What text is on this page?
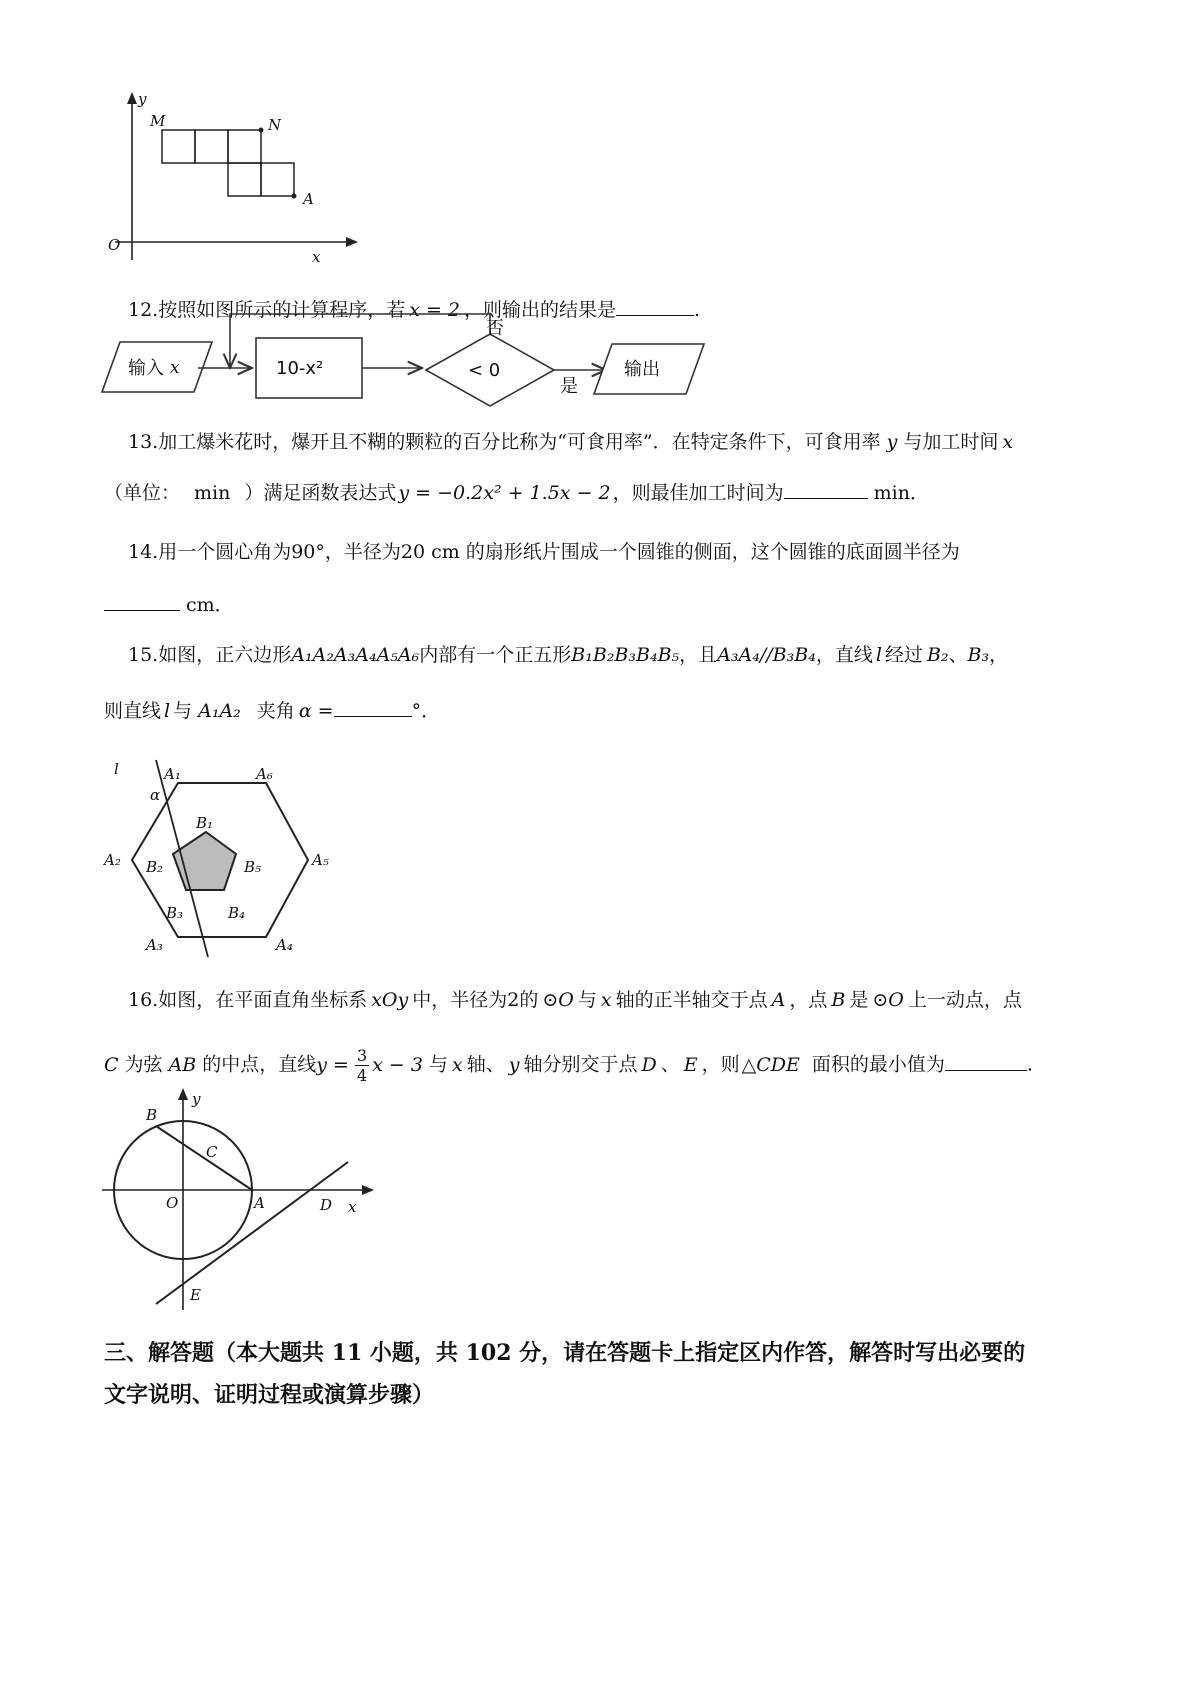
y
x
O
M	N
A
12.按照如图所示的计算程序，若 x = 2 ，则输出的结果是	.
输入 x	10-x²	< 0
否
是
输出
13.加工爆米花时，爆开且不糊的颗粒的百分比称为“可食用率”．在特定条件下，可食用率 y 与加工时间 x
（单位： min ）满足函数表达式 y = −0.2x² + 1.5x − 2 ，则最佳加工时间为	min．
14.用一个圆心角为90°，半径为20 cm 的扇形纸片围成一个圆锥的侧面，这个圆锥的底面圆半径为
cm．
15.如图，正六边形A₁A₂A₃A₄A₅A₆内部有一个正五形B₁B₂B₃B₄B₅，且A₃A₄//B₃B₄，直线 l 经过 B₂、B₃，
则直线 l 与 A₁A₂ 夹角 α =	°．
l
α
A₁	A₆
A₂	A₅
A₃	A₄
B₁
B₂	B₅
B₃	B₄
16.如图，在平面直角坐标系 xOy 中，半径为2的 ⊙O 与 x 轴的正半轴交于点 A ，点 B 是 ⊙O 上一动点，点
C 为弦 AB 的中点，直线$y = \frac{3}{4}$ x − 3 与 x 轴、 y 轴分别交于点 D 、 E ，则 △CDE 面积的最小值为	.
y
x
O	A
B
C
D
E
三、解答题（本大题共 11 小题，共 102 分，请在答题卡上指定区内作答，解答时写出必要的
文字说明、证明过程或演算步骤）
